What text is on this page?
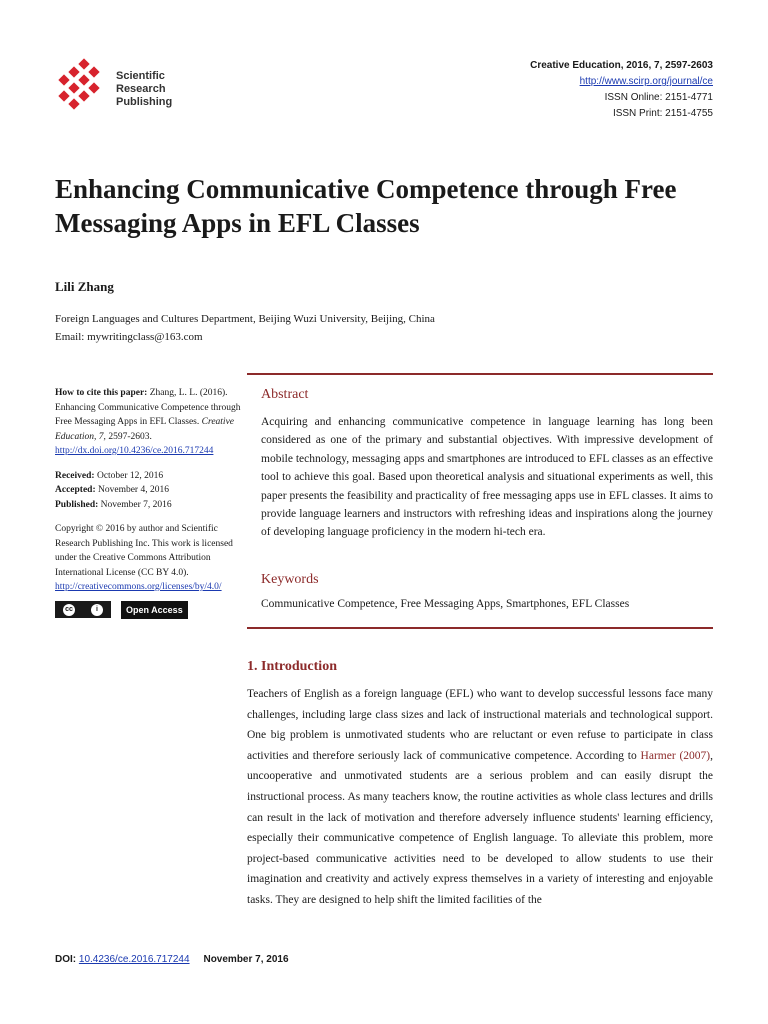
Scientific
Research
Publishing
Creative Education, 2016, 7, 2597-2603
http://www.scirp.org/journal/ce
ISSN Online: 2151-4771
ISSN Print: 2151-4755
Enhancing Communicative Competence through Free Messaging Apps in EFL Classes
Lili Zhang
Foreign Languages and Cultures Department, Beijing Wuzi University, Beijing, China
Email: mywritingclass@163.com

How to cite this paper: Zhang, L. L. (2016). Enhancing Communicative Competence through Free Messaging Apps in EFL Classes. Creative Education, 7, 2597-2603.
http://dx.doi.org/10.4236/ce.2016.717244

Received: October 12, 2016
Accepted: November 4, 2016
Published: November 7, 2016

Copyright © 2016 by author and Scientific Research Publishing Inc. This work is licensed under the Creative Commons Attribution International License (CC BY 4.0).
http://creativecommons.org/licenses/by/4.0/

cc	i	Open Access
Abstract

Acquiring and enhancing communicative competence in language learning has long been considered as one of the primary and substantial objectives. With impressive development of mobile technology, messaging apps and smartphones are introduced to EFL classes as an effective tool to achieve this goal. Based upon theoretical analysis and situational experiments as well, this paper presents the feasibility and practicality of free messaging apps use in EFL classes. It aims to provide language learners and instructors with refreshing ideas and inspirations along the journey of developing language proficiency in the modern hi-tech era.

Keywords
Communicative Competence, Free Messaging Apps, Smartphones, EFL Classes
1. Introduction

Teachers of English as a foreign language (EFL) who want to develop successful lessons face many challenges, including large class sizes and lack of instructional materials and technological support. One big problem is unmotivated students who are reluctant or even refuse to participate in class activities and therefore seriously lack of communicative competence. According to Harmer (2007), uncooperative and unmotivated students are a serious problem and can easily disrupt the instructional process. As many teachers know, the routine activities as whole class lectures and drills can result in the lack of motivation and therefore adversely influence students' learning efficiency, especially their communicative competence of English language. To alleviate this problem, more project-based communicative activities need to be developed to allow students to use their imagination and creativity and actively express themselves in a variety of interesting and enjoyable tasks. They are designed to help shift the limited facilities of the

DOI: 10.4236/ce.2016.717244 November 7, 2016
